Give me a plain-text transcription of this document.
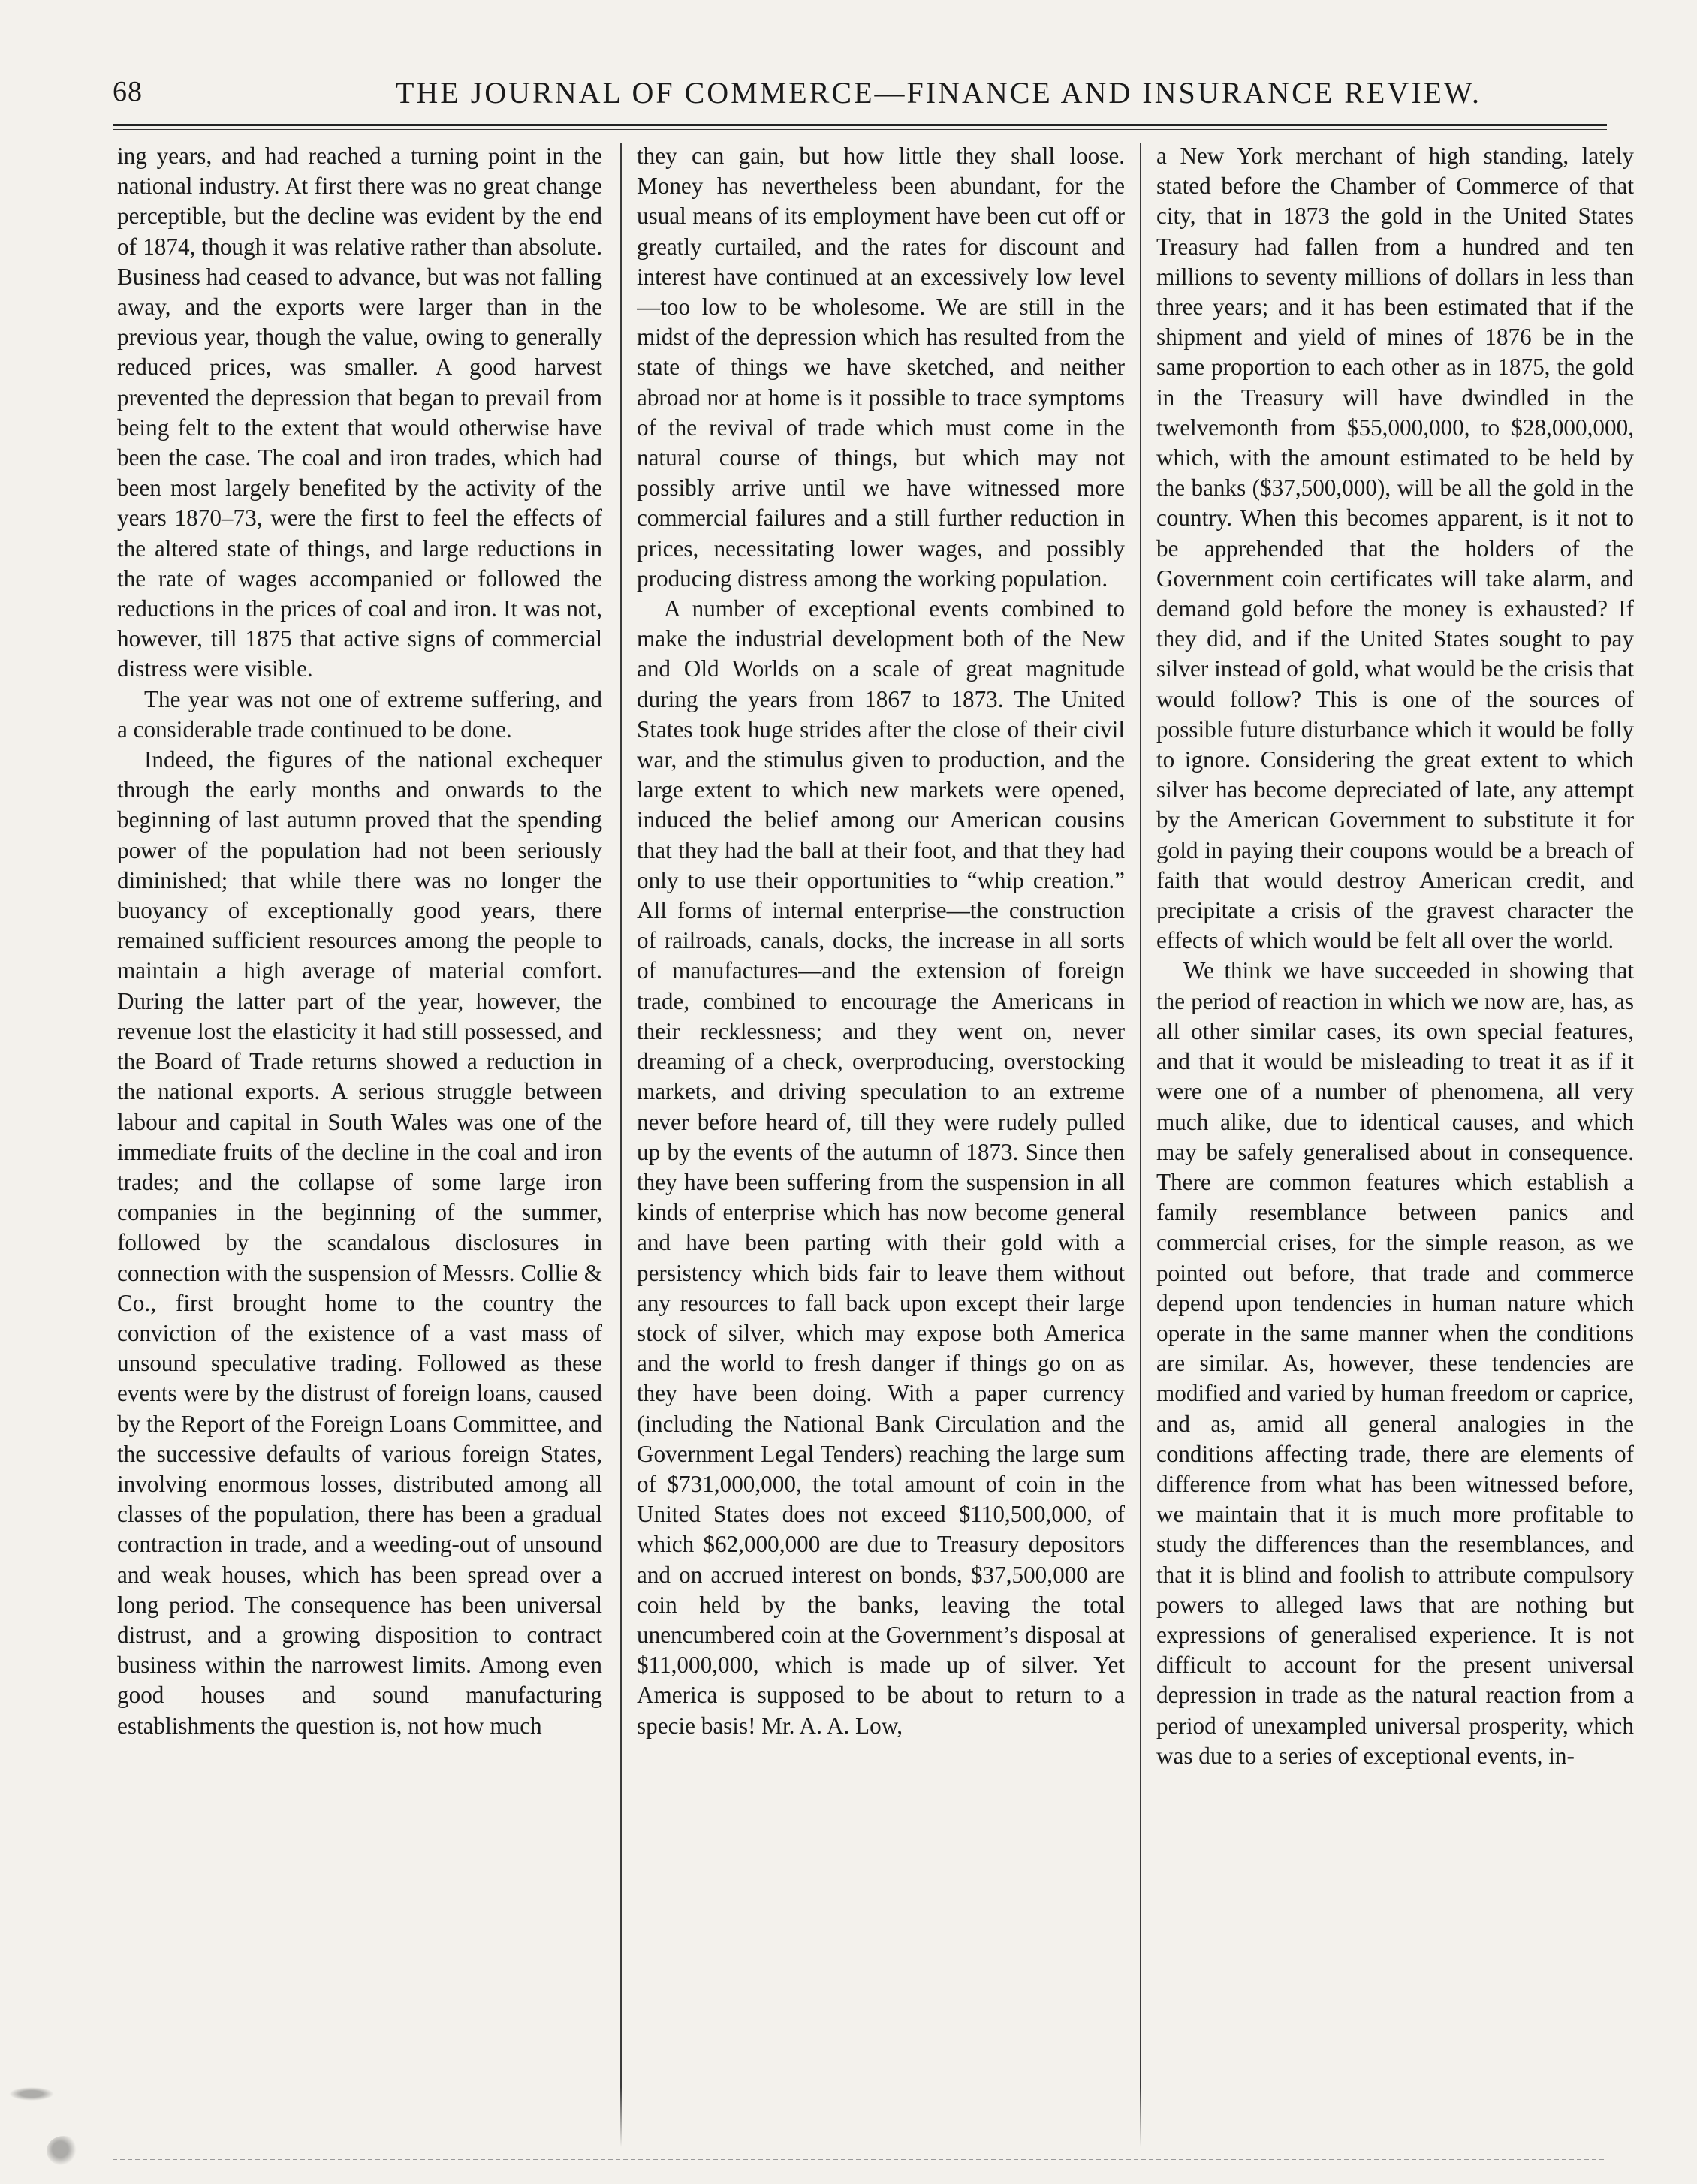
68	THE JOURNAL OF COMMERCE—FINANCE AND INSURANCE REVIEW.

ing years, and had reached a turning point in the national industry. At first there was no great change perceptible, but the decline was evident by the end of 1874, though it was relative rather than absolute. Business had ceased to advance, but was not falling away, and the exports were larger than in the previous year, though the value, owing to generally reduced prices, was smaller. A good harvest prevented the depression that began to prevail from being felt to the extent that would otherwise have been the case. The coal and iron trades, which had been most largely benefited by the activity of the years 1870–73, were the first to feel the effects of the altered state of things, and large reductions in the rate of wages accompanied or followed the reductions in the prices of coal and iron. It was not, however, till 1875 that active signs of commercial distress were visible.

The year was not one of extreme suffering, and a considerable trade continued to be done.

Indeed, the figures of the national exchequer through the early months and onwards to the beginning of last autumn proved that the spending power of the population had not been seriously diminished; that while there was no longer the buoyancy of exceptionally good years, there remained sufficient resources among the people to maintain a high average of material comfort. During the latter part of the year, however, the revenue lost the elasticity it had still possessed, and the Board of Trade returns showed a reduction in the national exports. A serious struggle between labour and capital in South Wales was one of the immediate fruits of the decline in the coal and iron trades; and the collapse of some large iron companies in the beginning of the summer, followed by the scandalous disclosures in connection with the suspension of Messrs. Collie & Co., first brought home to the country the conviction of the existence of a vast mass of unsound speculative trading. Followed as these events were by the distrust of foreign loans, caused by the Report of the Foreign Loans Committee, and the successive defaults of various foreign States, involving enormous losses, distributed among all classes of the population, there has been a gradual contraction in trade, and a weeding-out of unsound and weak houses, which has been spread over a long period. The consequence has been universal distrust, and a growing disposition to contract business within the narrowest limits. Among even good houses and sound manufacturing establishments the question is, not how much

they can gain, but how little they shall loose. Money has nevertheless been abundant, for the usual means of its employment have been cut off or greatly curtailed, and the rates for discount and interest have continued at an excessively low level—too low to be wholesome. We are still in the midst of the depression which has resulted from the state of things we have sketched, and neither abroad nor at home is it possible to trace symptoms of the revival of trade which must come in the natural course of things, but which may not possibly arrive until we have witnessed more commercial failures and a still further reduction in prices, necessitating lower wages, and possibly producing distress among the working population.

A number of exceptional events combined to make the industrial development both of the New and Old Worlds on a scale of great magnitude during the years from 1867 to 1873. The United States took huge strides after the close of their civil war, and the stimulus given to production, and the large extent to which new markets were opened, induced the belief among our American cousins that they had the ball at their foot, and that they had only to use their opportunities to “whip creation.” All forms of internal enterprise—the construction of railroads, canals, docks, the increase in all sorts of manufactures—and the extension of foreign trade, combined to encourage the Americans in their recklessness; and they went on, never dreaming of a check, overproducing, overstocking markets, and driving speculation to an extreme never before heard of, till they were rudely pulled up by the events of the autumn of 1873. Since then they have been suffering from the suspension in all kinds of enterprise which has now become general and have been parting with their gold with a persistency which bids fair to leave them without any resources to fall back upon except their large stock of silver, which may expose both America and the world to fresh danger if things go on as they have been doing. With a paper currency (including the National Bank Circulation and the Government Legal Tenders) reaching the large sum of $731,000,000, the total amount of coin in the United States does not exceed $110,500,000, of which $62,000,000 are due to Treasury depositors and on accrued interest on bonds, $37,500,000 are coin held by the banks, leaving the total unencumbered coin at the Government’s disposal at $11,000,000, which is made up of silver. Yet America is supposed to be about to return to a specie basis! Mr. A. A. Low,

a New York merchant of high standing, lately stated before the Chamber of Commerce of that city, that in 1873 the gold in the United States Treasury had fallen from a hundred and ten millions to seventy millions of dollars in less than three years; and it has been estimated that if the shipment and yield of mines of 1876 be in the same proportion to each other as in 1875, the gold in the Treasury will have dwindled in the twelvemonth from $55,000,000, to $28,000,000, which, with the amount estimated to be held by the banks ($37,500,000), will be all the gold in the country. When this becomes apparent, is it not to be apprehended that the holders of the Government coin certificates will take alarm, and demand gold before the money is exhausted? If they did, and if the United States sought to pay silver instead of gold, what would be the crisis that would follow? This is one of the sources of possible future disturbance which it would be folly to ignore. Considering the great extent to which silver has become depreciated of late, any attempt by the American Government to substitute it for gold in paying their coupons would be a breach of faith that would destroy American credit, and precipitate a crisis of the gravest character the effects of which would be felt all over the world.

We think we have succeeded in showing that the period of reaction in which we now are, has, as all other similar cases, its own special features, and that it would be misleading to treat it as if it were one of a number of phenomena, all very much alike, due to identical causes, and which may be safely generalised about in consequence. There are common features which establish a family resemblance between panics and commercial crises, for the simple reason, as we pointed out before, that trade and commerce depend upon tendencies in human nature which operate in the same manner when the conditions are similar. As, however, these tendencies are modified and varied by human freedom or caprice, and as, amid all general analogies in the conditions affecting trade, there are elements of difference from what has been witnessed before, we maintain that it is much more profitable to study the differences than the resemblances, and that it is blind and foolish to attribute compulsory powers to alleged laws that are nothing but expressions of generalised experience. It is not difficult to account for the present universal depression in trade as the natural reaction from a period of unexampled universal prosperity, which was due to a series of exceptional events, in-
